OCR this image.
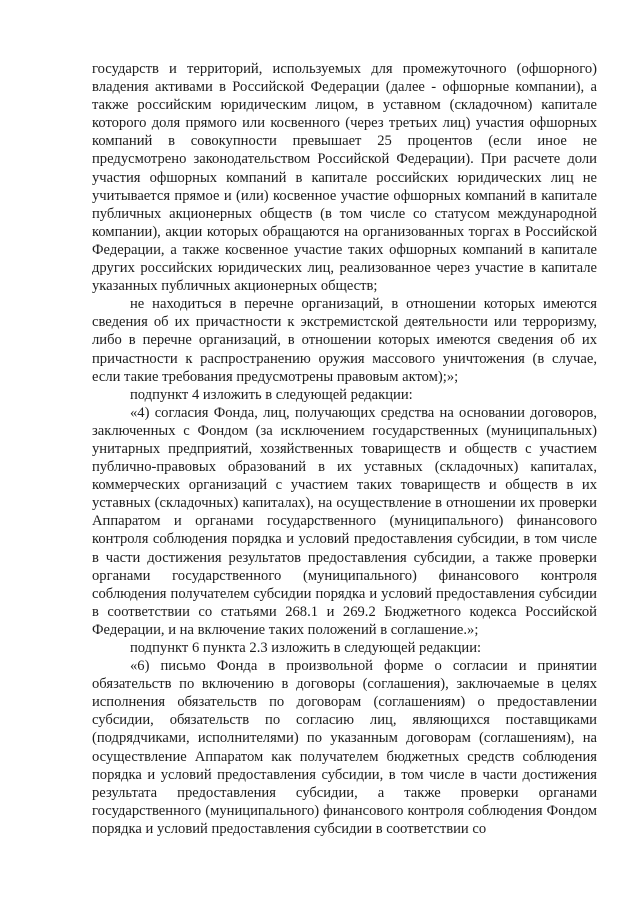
государств и территорий, используемых для промежуточного (офшорного) владения активами в Российской Федерации (далее - офшорные компании), а также российским юридическим лицом, в уставном (складочном) капитале которого доля прямого или косвенного (через третьих лиц) участия офшорных компаний в совокупности превышает 25 процентов (если иное не предусмотрено законодательством Российской Федерации). При расчете доли участия офшорных компаний в капитале российских юридических лиц не учитывается прямое и (или) косвенное участие офшорных компаний в капитале публичных акционерных обществ (в том числе со статусом международной компании), акции которых обращаются на организованных торгах в Российской Федерации, а также косвенное участие таких офшорных компаний в капитале других российских юридических лиц, реализованное через участие в капитале указанных публичных акционерных обществ;

не находиться в перечне организаций, в отношении которых имеются сведения об их причастности к экстремистской деятельности или терроризму, либо в перечне организаций, в отношении которых имеются сведения об их причастности к распространению оружия массового уничтожения (в случае, если такие требования предусмотрены правовым актом);»;

подпункт 4 изложить в следующей редакции:

«4) согласия Фонда, лиц, получающих средства на основании договоров, заключенных с Фондом (за исключением государственных (муниципальных) унитарных предприятий, хозяйственных товариществ и обществ с участием публично-правовых образований в их уставных (складочных) капиталах, коммерческих организаций с участием таких товариществ и обществ в их уставных (складочных) капиталах), на осуществление в отношении их проверки Аппаратом и органами государственного (муниципального) финансового контроля соблюдения порядка и условий предоставления субсидии, в том числе в части достижения результатов предоставления субсидии, а также проверки органами государственного (муниципального) финансового контроля соблюдения получателем субсидии порядка и условий предоставления субсидии в соответствии со статьями 268.1 и 269.2 Бюджетного кодекса Российской Федерации, и на включение таких положений в соглашение.»;

подпункт 6 пункта 2.3 изложить в следующей редакции:

«6) письмо Фонда в произвольной форме о согласии и принятии обязательств по включению в договоры (соглашения), заключаемые в целях исполнения обязательств по договорам (соглашениям) о предоставлении субсидии, обязательств по согласию лиц, являющихся поставщиками (подрядчиками, исполнителями) по указанным договорам (соглашениям), на осуществление Аппаратом как получателем бюджетных средств соблюдения порядка и условий предоставления субсидии, в том числе в части достижения результата предоставления субсидии, а также проверки органами государственного (муниципального) финансового контроля соблюдения Фондом порядка и условий предоставления субсидии в соответствии со
